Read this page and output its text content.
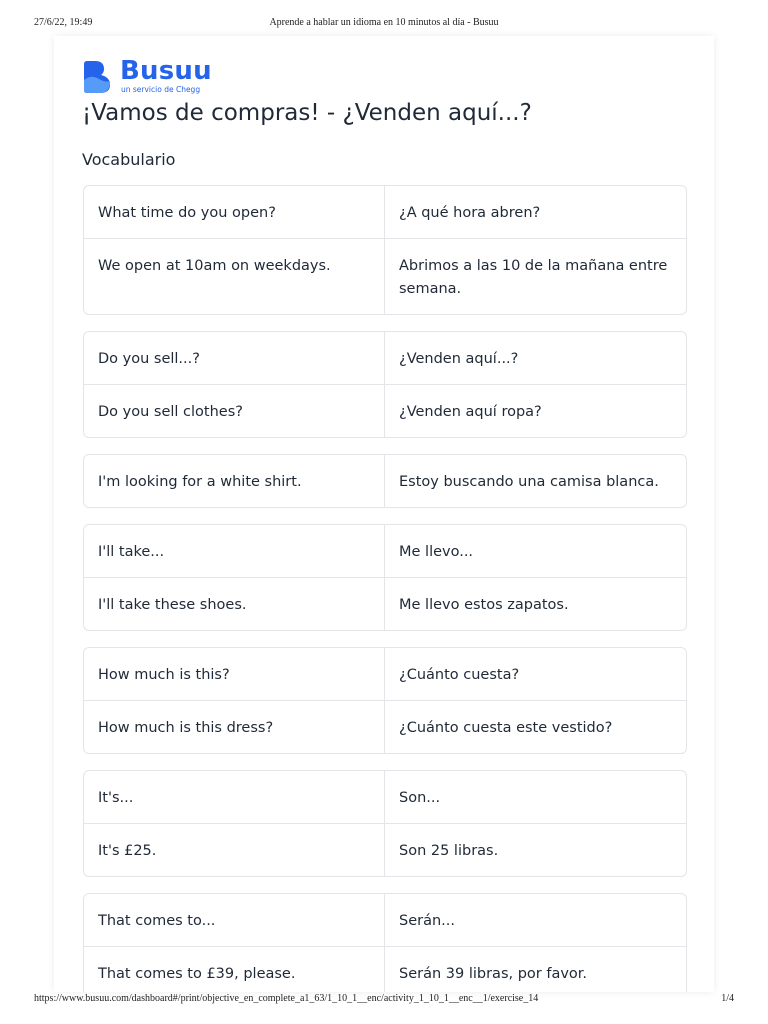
27/6/22, 19:49	Aprende a hablar un idioma en 10 minutos al día - Busuu
Busuu
un servicio de Chegg
¡Vamos de compras! - ¿Venden aquí...?
Vocabulario
What time do you open?	¿A qué hora abren?
We open at 10am on weekdays.	Abrimos a las 10 de la mañana entre semana.
Do you sell...?	¿Venden aquí...?
Do you sell clothes?	¿Venden aquí ropa?
I'm looking for a white shirt.	Estoy buscando una camisa blanca.
I'll take...	Me llevo...
I'll take these shoes.	Me llevo estos zapatos.
How much is this?	¿Cuánto cuesta?
How much is this dress?	¿Cuánto cuesta este vestido?
It's...	Son...
It's £25.	Son 25 libras.
That comes to...	Serán...
That comes to £39, please.	Serán 39 libras, por favor.
https://www.busuu.com/dashboard#/print/objective_en_complete_a1_63/1_10_1__enc/activity_1_10_1__enc__1/exercise_14	1/4
